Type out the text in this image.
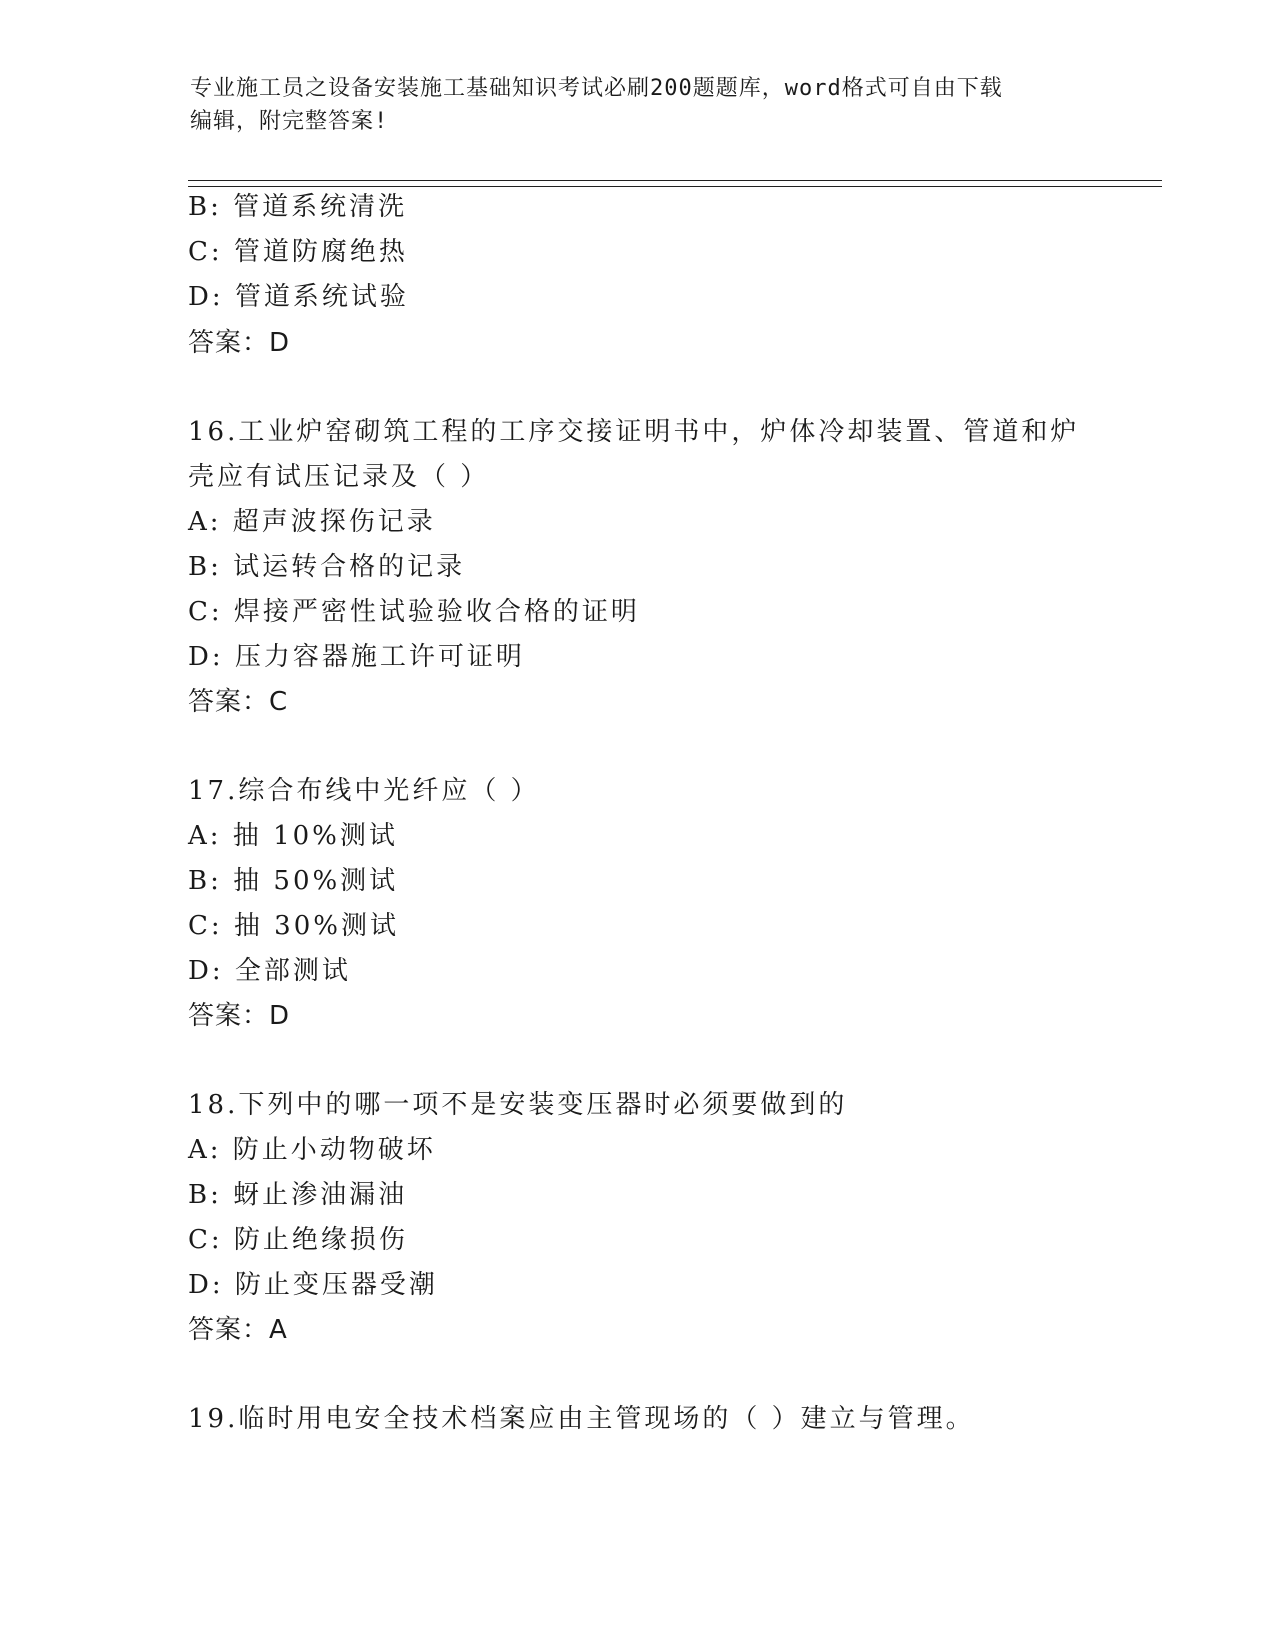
专业施工员之设备安装施工基础知识考试必刷200题题库，word格式可自由下载
编辑，附完整答案!
B: 管道系统清洗
C: 管道防腐绝热
D: 管道系统试验
答案：D
16.工业炉窑砌筑工程的工序交接证明书中，炉体冷却装置、管道和炉
壳应有试压记录及（ ）
A: 超声波探伤记录
B: 试运转合格的记录
C: 焊接严密性试验验收合格的证明
D: 压力容器施工许可证明
答案：C
17.综合布线中光纤应（ ）
A: 抽 10%测试
B: 抽 50%测试
C: 抽 30%测试
D: 全部测试
答案：D
18.下列中的哪一项不是安装变压器时必须要做到的
A: 防止小动物破坏
B: 蚜止渗油漏油
C: 防止绝缘损伤
D: 防止变压器受潮
答案：A
19.临时用电安全技术档案应由主管现场的（ ）建立与管理。
